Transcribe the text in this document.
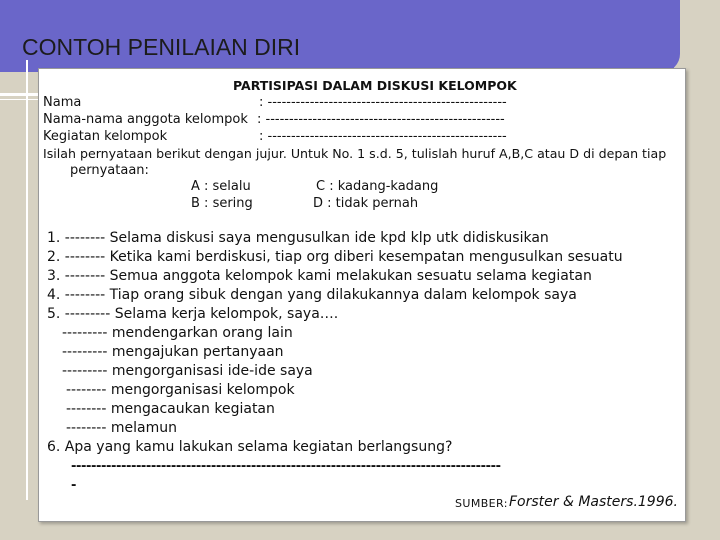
CONTOH PENILAIAN DIRI
PARTISIPASI DALAM DISKUSI KELOMPOK
Nama	: ---------------------------------------------------
Nama-nama anggota kelompok : ---------------------------------------------------
Kegiatan kelompok	: ---------------------------------------------------
Isilah pernyataan berikut dengan jujur. Untuk No. 1 s.d. 5, tulislah huruf A,B,C atau D di depan tiap
pernyataan:
A : selalu	C : kadang-kadang
B : sering	D : tidak pernah
1. -------- Selama diskusi saya mengusulkan ide kpd klp utk didiskusikan
2. -------- Ketika kami berdiskusi, tiap org diberi kesempatan mengusulkan sesuatu
3. -------- Semua anggota kelompok kami melakukan sesuatu selama kegiatan
4. -------- Tiap orang sibuk dengan yang dilakukannya dalam kelompok saya
5. --------- Selama kerja kelompok, saya….
--------- mendengarkan orang lain
--------- mengajukan pertanyaan
--------- mengorganisasi ide-ide saya
-------- mengorganisasi kelompok
-------- mengacaukan kegiatan
-------- melamun
6. Apa yang kamu lakukan selama kegiatan berlangsung?
--------------------------------------------------------------------------------------
-
SUMBER: Forster & Masters.1996.
